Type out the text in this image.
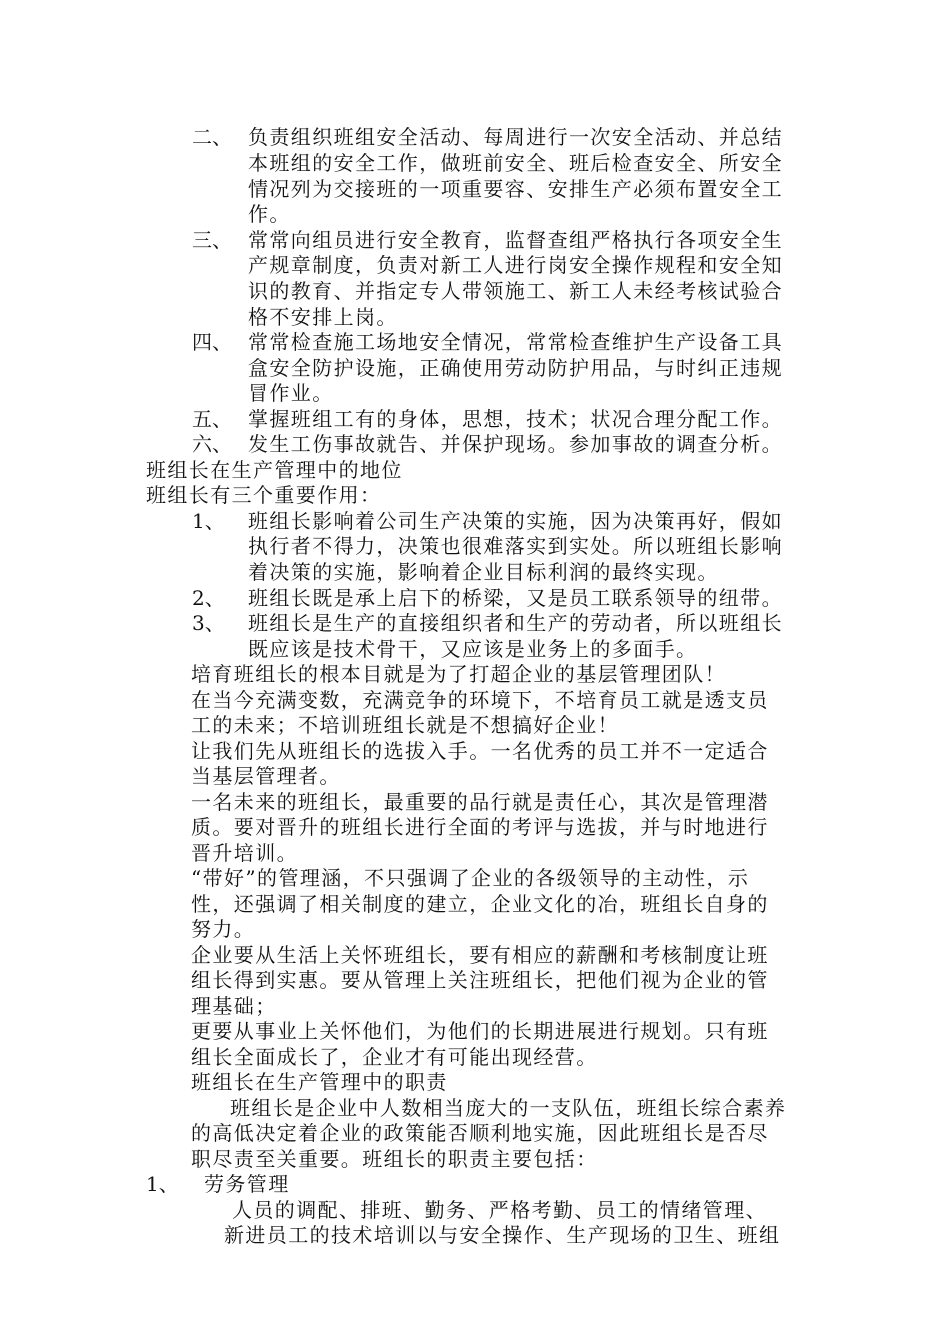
二、 负责组织班组安全活动、每周进行一次安全活动、并总结
本班组的安全工作，做班前安全、班后检查安全、所安全
情况列为交接班的一项重要容、安排生产必须布置安全工
作。
三、 常常向组员进行安全教育，监督查组严格执行各项安全生
产规章制度，负责对新工人进行岗安全操作规程和安全知
识的教育、并指定专人带领施工、新工人未经考核试验合
格不安排上岗。
四、 常常检查施工场地安全情况，常常检查维护生产设备工具
盒安全防护设施，正确使用劳动防护用品，与时纠正违规
冒作业。
五、 掌握班组工有的身体，思想，技术；状况合理分配工作。
六、 发生工伤事故就告、并保护现场。参加事故的调查分析。
班组长在生产管理中的地位
班组长有三个重要作用：
1、 班组长影响着公司生产决策的实施，因为决策再好，假如
执行者不得力，决策也很难落实到实处。所以班组长影响
着决策的实施，影响着企业目标利润的最终实现。
2、 班组长既是承上启下的桥梁，又是员工联系领导的纽带。
3、 班组长是生产的直接组织者和生产的劳动者，所以班组长
既应该是技术骨干，又应该是业务上的多面手。
培育班组长的根本目就是为了打超企业的基层管理团队！
在当今充满变数，充满竞争的环境下，不培育员工就是透支员
工的未来；不培训班组长就是不想搞好企业！
让我们先从班组长的选拔入手。一名优秀的员工并不一定适合
当基层管理者。
一名未来的班组长，最重要的品行就是责任心，其次是管理潜
质。要对晋升的班组长进行全面的考评与选拔，并与时地进行
晋升培训。
“带好”的管理涵，不只强调了企业的各级领导的主动性，示
性，还强调了相关制度的建立，企业文化的冶，班组长自身的
努力。
企业要从生活上关怀班组长，要有相应的薪酬和考核制度让班
组长得到实惠。要从管理上关注班组长，把他们视为企业的管
理基础；
更要从事业上关怀他们，为他们的长期进展进行规划。只有班
组长全面成长了，企业才有可能出现经营。
班组长在生产管理中的职责
班组长是企业中人数相当庞大的一支队伍，班组长综合素养
的高低决定着企业的政策能否顺利地实施，因此班组长是否尽
职尽责至关重要。班组长的职责主要包括：
1、 劳务管理
人员的调配、排班、勤务、严格考勤、员工的情绪管理、
新进员工的技术培训以与安全操作、生产现场的卫生、班组
